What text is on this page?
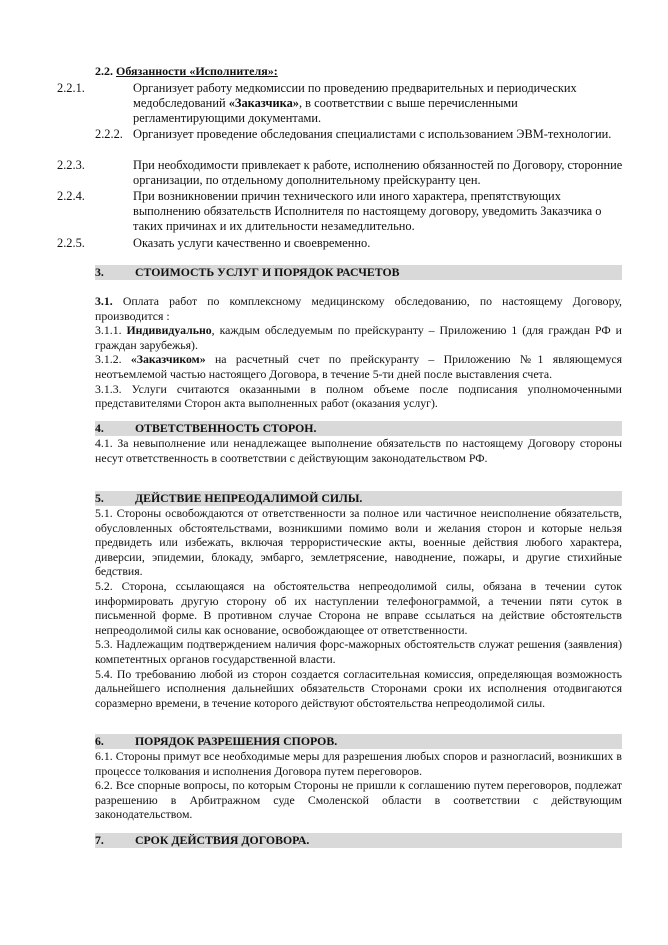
2.2. Обязанности «Исполнителя»:
2.2.1.	Организует работу медкомиссии по проведению предварительных и периодических медобследований «Заказчика», в соответствии с выше перечисленными регламентирующими документами.
2.2.2. Организует проведение обследования специалистами с использованием ЭВМ-технологии.
2.2.3.	При необходимости привлекает к работе, исполнению обязанностей по Договору, сторонние организации, по отдельному дополнительному прейскуранту цен.
2.2.4.	При возникновении причин технического или иного характера, препятствующих выполнению обязательств Исполнителя по настоящему договору, уведомить Заказчика о таких причинах и их длительности незамедлительно.
2.2.5.	Оказать услуги качественно и своевременно.
3.	СТОИМОСТЬ УСЛУГ И ПОРЯДОК РАСЧЕТОВ

3.1. Оплата работ по комплексному медицинскому обследованию, по настоящему Договору, производится :

3.1.1. Индивидуально, каждым обследуемым по прейскуранту – Приложению 1 (для граждан РФ и граждан зарубежья).

3.1.2. «Заказчиком» на расчетный счет по прейскуранту – Приложению №1 являющемуся неотъемлемой частью настоящего Договора, в течение 5-ти дней после выставления счета.

3.1.3. Услуги считаются оказанными в полном объеме после подписания уполномоченными представителями Сторон акта выполненных работ (оказания услуг).

4.	ОТВЕТСТВЕННОСТЬ СТОРОН.

4.1. За невыполнение или ненадлежащее выполнение обязательств по настоящему Договору стороны несут ответственность в соответствии с действующим законодательством РФ.

5.	ДЕЙСТВИЕ НЕПРЕОДАЛИМОЙ СИЛЫ.

5.1. Стороны освобождаются от ответственности за полное или частичное неисполнение обязательств, обусловленных обстоятельствами, возникшими помимо воли и желания сторон и которые нельзя предвидеть или избежать, включая террористические акты, военные действия любого характера, диверсии, эпидемии, блокаду, эмбарго, землетрясение, наводнение, пожары, и другие стихийные бедствия.

5.2. Сторона, ссылающаяся на обстоятельства непреодолимой силы, обязана в течении суток информировать другую сторону об их наступлении телефонограммой, а течении пяти суток в письменной форме. В противном случае Сторона не вправе ссылаться на действие обстоятельств непреодолимой силы как основание, освобождающее от ответственности.

5.3. Надлежащим подтверждением наличия форс-мажорных обстоятельств служат решения (заявления) компетентных органов государственной власти.

5.4. По требованию любой из сторон создается согласительная комиссия, определяющая возможность дальнейшего исполнения дальнейших обязательств Сторонами сроки их исполнения отодвигаются соразмерно времени, в течение которого действуют обстоятельства непреодолимой силы.

6.	ПОРЯДОК РАЗРЕШЕНИЯ СПОРОВ.

6.1. Стороны примут все необходимые меры для разрешения любых споров и разногласий, возникших в процессе толкования и исполнения Договора путем переговоров.

6.2. Все спорные вопросы, по которым Стороны не пришли к соглашению путем переговоров, подлежат разрешению в Арбитражном суде Смоленской области в соответствии с действующим законодательством.

7.	СРОК ДЕЙСТВИЯ ДОГОВОРА.
